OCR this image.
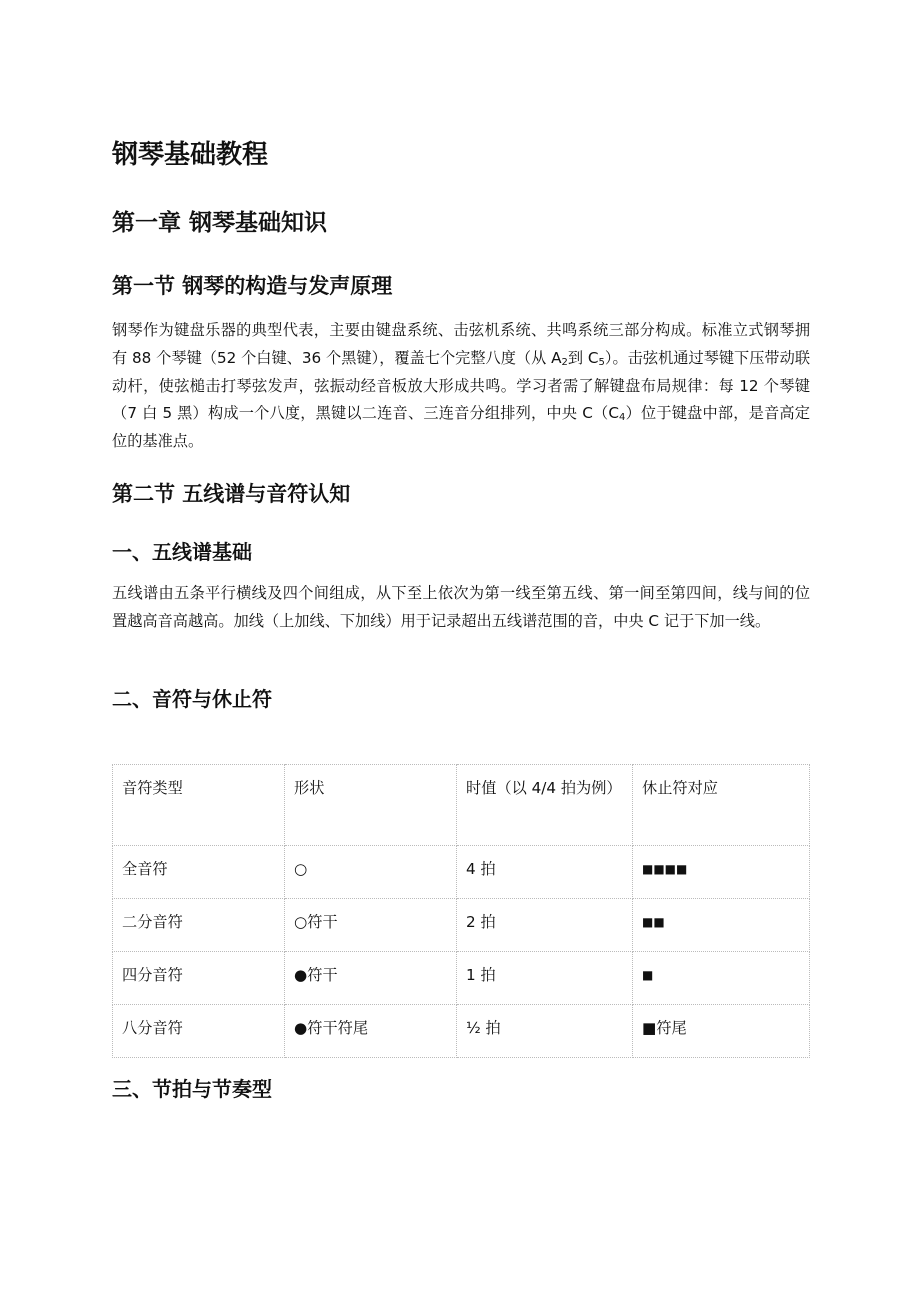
钢琴基础教程
第一章 钢琴基础知识
第一节 钢琴的构造与发声原理

钢琴作为键盘乐器的典型代表，主要由键盘系统、击弦机系统、共鸣系统三部分构成。标准立式钢琴拥有 88 个琴键（52 个白键、36 个黑键），覆盖七个完整八度（从 $A_2$到 $C_5$）。击弦机通过琴键下压带动联动杆，使弦槌击打琴弦发声，弦振动经音板放大形成共鸣。学习者需了解键盘布局规律：每 12 个琴键（7 白 5 黑）构成一个八度，黑键以二连音、三连音分组排列，中央 $C(C_4)$位于键盘中部，是音高定位的基准点。

第二节 五线谱与音符认知
一、五线谱基础

五线谱由五条平行横线及四个间组成，从下至上依次为第一线至第五线、第一间至第四间，线与间的位置越高音高越高。加线（上加线、下加线）用于记录超出五线谱范围的音，中央 C 记于下加一线。

二、音符与休止符
音符类型	形状	时值（以 4/4 拍为例）	休止符对应
全音符	○	4 拍	■■■■
二分音符	○符干	2 拍	■■
四分音符	●符干	1 拍	■
八分音符	●符干符尾	½ 拍	■符尾
三、节拍与节奏型
